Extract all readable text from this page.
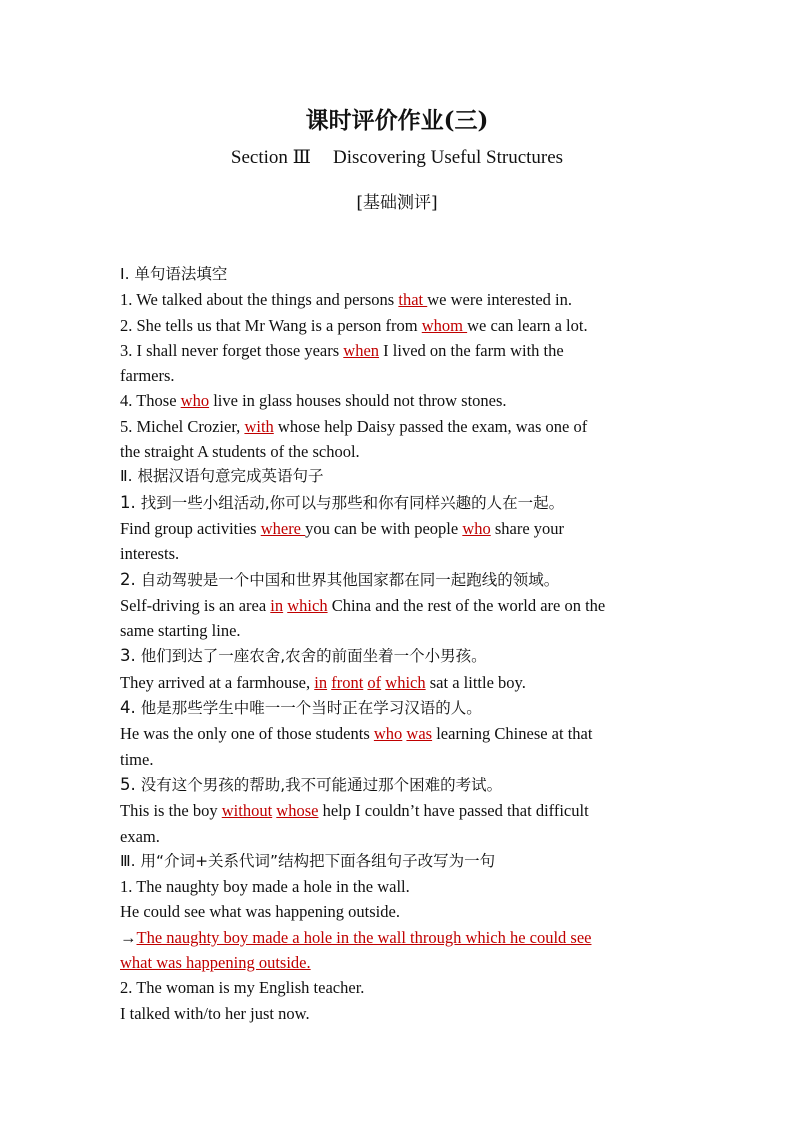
课时评价作业(三)
Section Ⅲ Discovering Useful Structures
[基础测评]
Ⅰ. 单句语法填空
1. We talked about the things and persons that we were interested in.
2. She tells us that Mr Wang is a person from whom we can learn a lot.
3. I shall never forget those years when I lived on the farm with the
farmers.
4. Those who live in glass houses should not throw stones.
5. Michel Crozier, with whose help Daisy passed the exam, was one of
the straight A students of the school.
Ⅱ. 根据汉语句意完成英语句子
1. 找到一些小组活动,你可以与那些和你有同样兴趣的人在一起。
Find group activities where you can be with people who share your
interests.
2. 自动驾驶是一个中国和世界其他国家都在同一起跑线的领域。
Self-driving is an area in which China and the rest of the world are on the
same starting line.
3. 他们到达了一座农舍,农舍的前面坐着一个小男孩。
They arrived at a farmhouse, in front of which sat a little boy.
4. 他是那些学生中唯一一个当时正在学习汉语的人。
He was the only one of those students who was learning Chinese at that
time.
5. 没有这个男孩的帮助,我不可能通过那个困难的考试。
This is the boy without whose help I couldn’t have passed that difficult
exam.
Ⅲ. 用“介词+关系代词”结构把下面各组句子改写为一句
1. The naughty boy made a hole in the wall.
He could see what was happening outside.
→The naughty boy made a hole in the wall through which he could see
what was happening outside.
2. The woman is my English teacher.
I talked with/to her just now.
